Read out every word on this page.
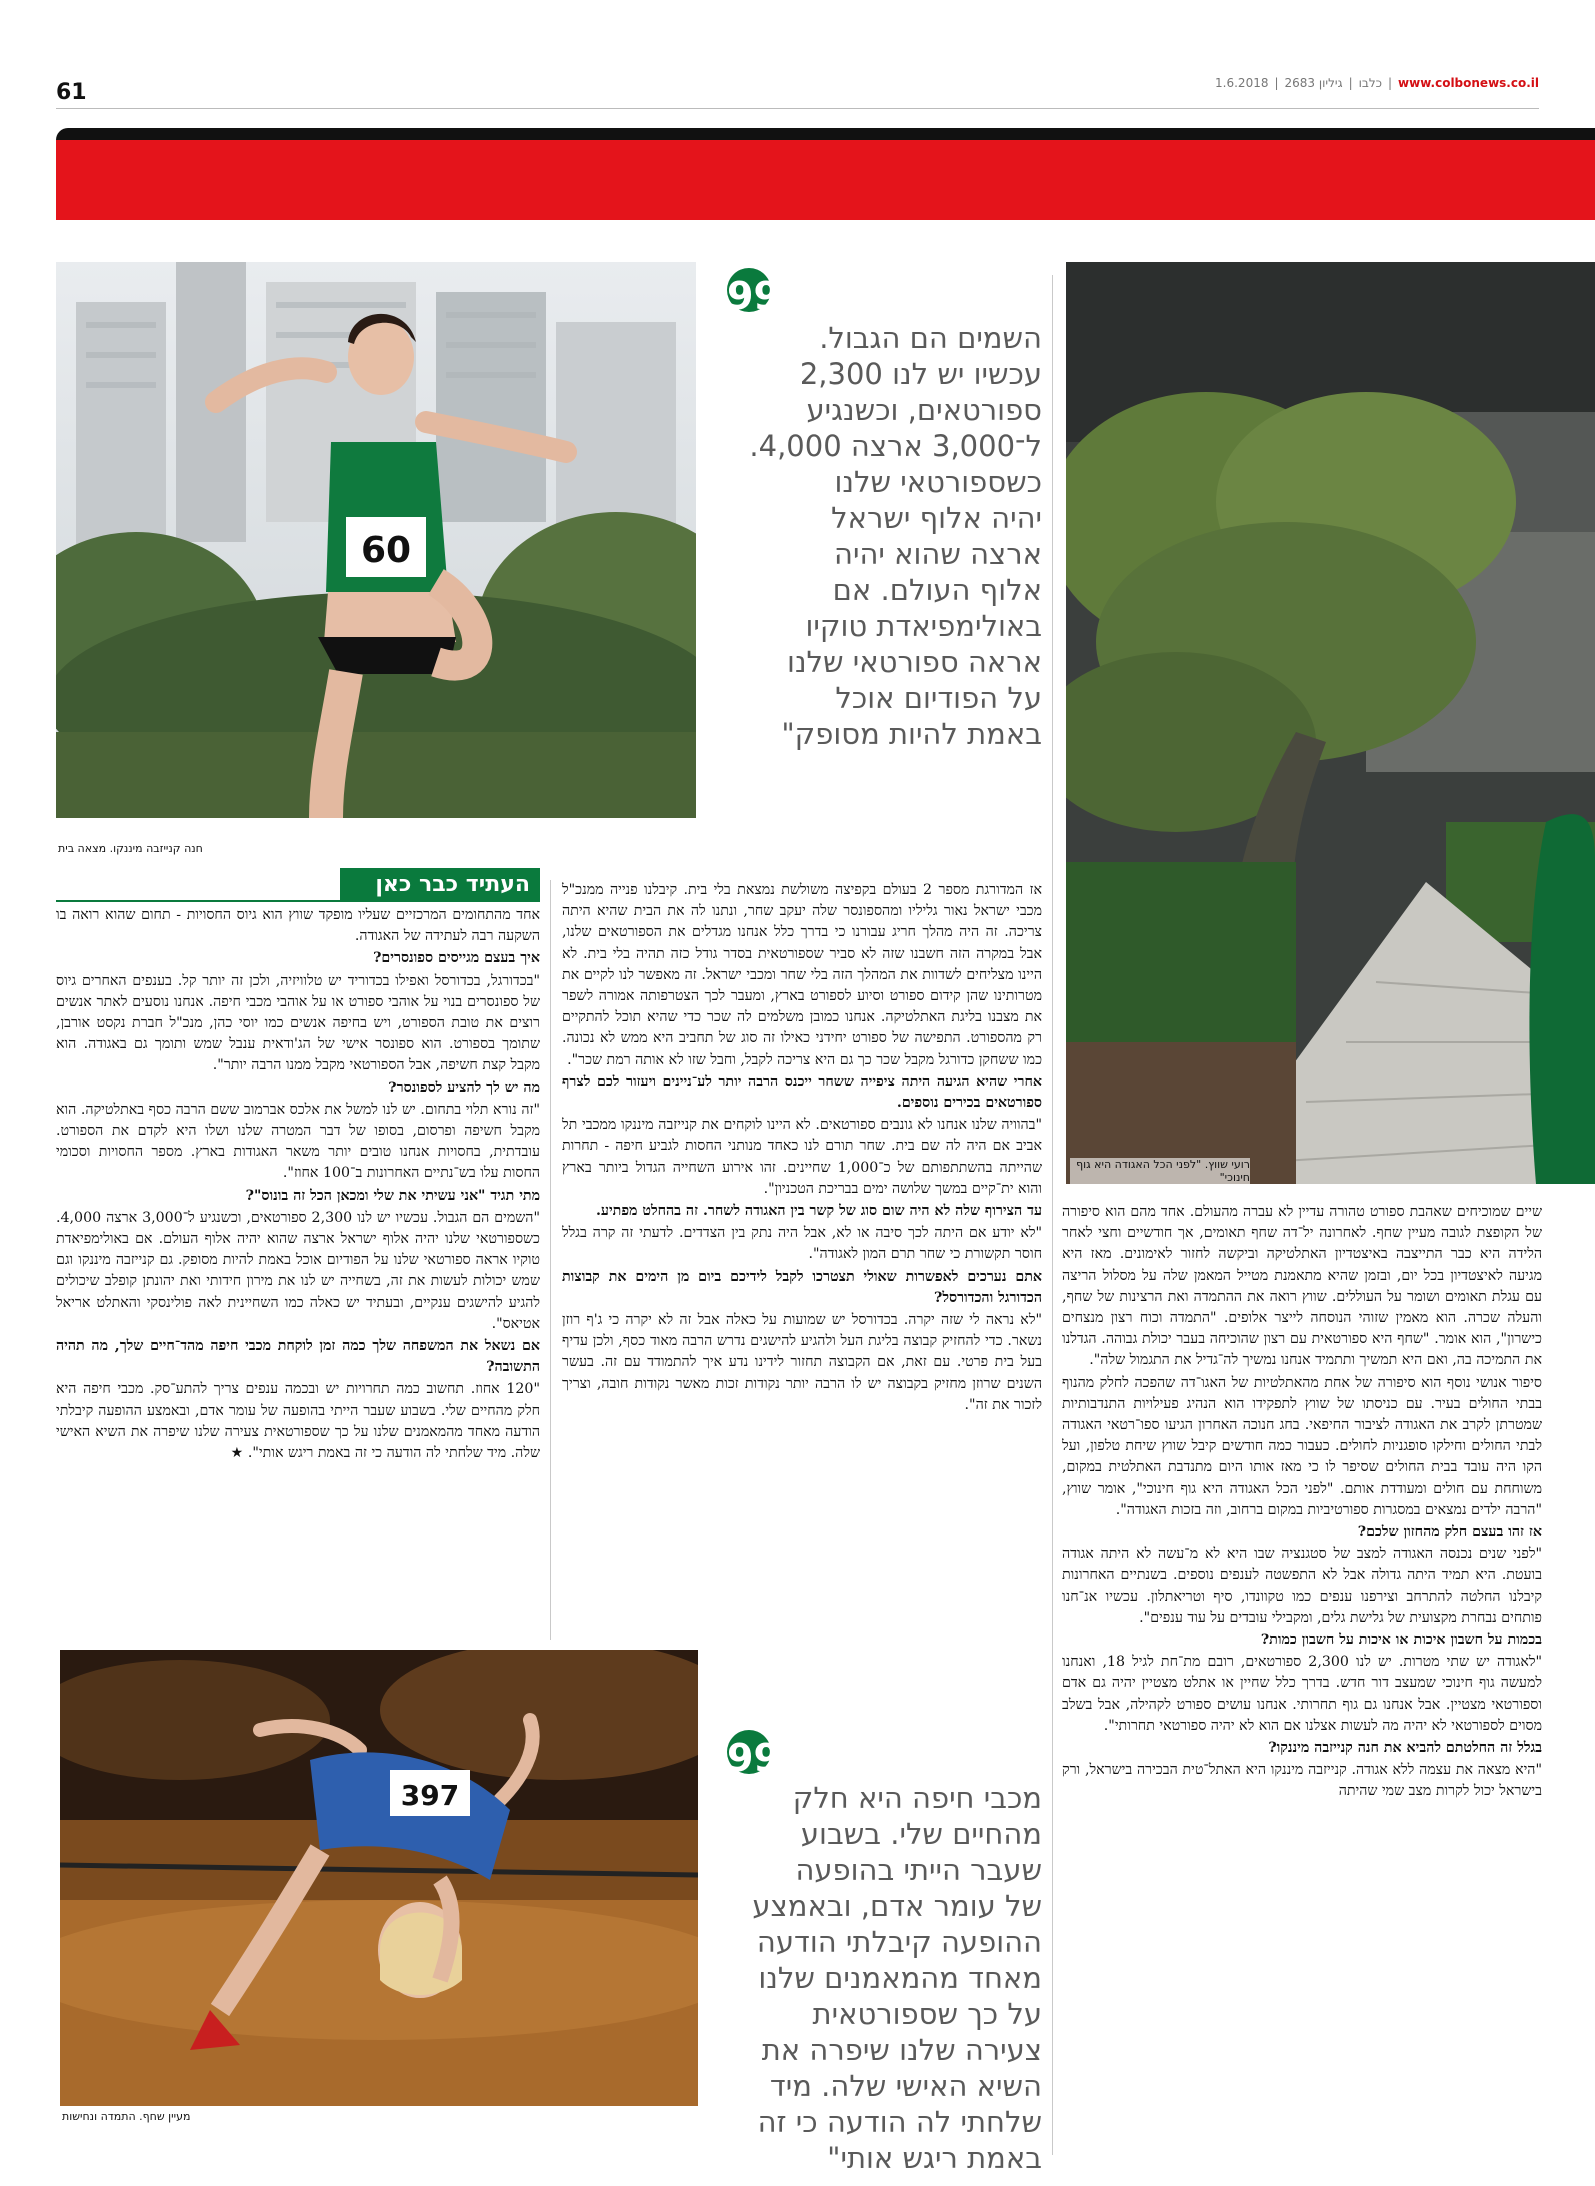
61	1.6.2018 | גיליון 2683 | כלבו | www.colbonews.co.il
60
חנה קנייזבה מיננקו. מצאה בית
99
השמים הם הגבול.
עכשיו יש לנו 2,300
ספורטאים, וכשנגיע
ל־3,000 ארצה 4,000.
כשספורטאי שלנו
יהיה אלוף ישראל
ארצה שהוא יהיה
אלוף העולם. אם
באולימפיאדת טוקיו
אראה ספורטאי שלנו
על הפודיום אוכל
באמת להיות מסופק"
רועי שווץ. "לפני הכל האגודה היא גוף חינוכי"

שיים שמוכיחים שאהבת ספורט טהורה עדיין לא עברה מהעולם. אחד מהם הוא סיפורה של הקופצת לגובה מעיין שחף. לאחרונה יל־דה שחף תאומים, אך חודשיים וחצי לאחר הלידה היא כבר התייצבה באיצטדיון האתלטיקה וביקשה לחזור לאימונים. מאז היא מגיעה לאיצטדיון בכל יום, ובזמן שהיא מתאמנת מטייל המאמן שלה על מסלול הריצה עם עגלת תאומים ושומר על העוללים. שווץ רואה את ההתמדה ואת הרצינות של שחף, והעלה שכרה. הוא מאמין שזוהי הנוסחה לייצר אלופים. "התמדה וכוח רצון מנצחים כישרון", הוא אומר. "שחף היא ספורטאית עם רצון שהוכיחה בעבר יכולת גבוהה. הגדלנו את התמיכה בה, ואם היא תמשיך ותתמיד אנחנו נמשיך לה־גדיל את התגמול שלה".

סיפור אנושי נוסף הוא סיפורה של אחת מהאתלטיות של האגו־דה שהפכה לחלק מהנוף בבתי החולים בעיר. עם כניסתו של שווץ לתפקידו הוא הנהיג פעילויות התנדבותיות שמטרתן לקרב את האגודה לציבור החיפאי. בחג חנוכה האחרון הגיעו ספו־רטאי האגודה לבתי החולים וחילקו סופגניות לחולים. כעבור כמה חודשים קיבל שווץ שיחת טלפון, ועל הקו היה עובד בבית החולים שסיפר לו כי מאז אותו היום מתנדבת האתלטית במקום, משוחחת עם חולים ומעודדת אותם. "לפני הכל האגודה היא גוף חינוכי", אומר שווץ, "הרבה ילדים נמצאים במסגרות ספורטיביות במקום ברחוב, וזה בזכות האגודה".

אז זהו בעצם חלק מהחזון שלכם?

"לפני שנים נכנסה האגודה למצב של סטגנציה שבו היא לא מ־עשה לא היתה אגודה בועטת. היא תמיד היתה גדולה אבל לא התפשטה לענפים נוספים. בשנתיים האחרונות קיבלנו החלטה להתרחב וצירפנו ענפים כמו טקוונדו, סיף וטריאתלון. עכשיו אנ־חנו פותחים נבחרת מקצועית של גלישת גלים, ומקבילי עובדים על עוד ענפים".

בכמות על חשבון איכות או איכות על חשבון כמות?

"לאגודה יש שתי מטרות. יש לנו 2,300 ספורטאים, רובם מת־חת לגיל 18, ואנחנו למעשה גוף חינוכי שמעצב דור חדש. בדרך כלל שחיין או אתלט מצטיין יהיה גם אדם וספורטאי מצטיין. אבל אנחנו גם גוף תחרותי. אנחנו עושים ספורט לקהילה, אבל בשלב מסוים לספורטאי לא יהיה מה לעשות אצלנו אם הוא לא יהיה ספורטאי תחרותי".

בגלל זה החלטתם להביא את חנה קנייזבה מיננקו?

"היא מצאה את עצמה ללא אגודה. קנייזבה מיננקו היא האתל־טית הבכירה בישראל, ורק בישראל יכול לקרות מצב שמי שהיתה

אז המדורגת מספר 2 בעולם בקפיצה משולשת נמצאת בלי בית. קיבלנו פנייה ממנכ"ל מכבי ישראל נאור גליליו ומהספונסר שלה יעקב שחר, ונתנו לה את הבית שהיא היתה צריכה. זה היה מהלך חריג עבורנו כי בדרך כלל אנחנו מגדלים את הספורטאים שלנו, אבל במקרה הזה חשבנו שזה לא סביר שספורטאית בסדר גודל כזה תהיה בלי בית. לא היינו מצליחים לשדוות את המהלך הזה בלי שחר ומכבי ישראל. זה מאפשר לנו לקיים את מטרותינו שהן קידום ספורט וסיוע לספורט בארץ, ומעבר לכך הצטרפותה אמורה לשפר את מצבנו בליגת האתלטיקה. אנחנו כמובן משלמים לה שכר כדי שהיא תוכל להתקיים רק מהספורט. התפישה של ספורט יחידני כאילו זה סוג של תחביב היא ממש לא נכונה. כמו ששחקן כדורגל מקבל שכר כך גם היא צריכה לקבל, וחבל שזו לא אותה רמת שכר".

אחרי שהיא הגיעה היתה ציפייה ששחר ייכנס הרבה יותר לע־ניינים ויעזור לכם לצרף ספורטאים בכירים נוספים.

"בהוויה שלנו אנחנו לא גונבים ספורטאים. לא היינו לוקחים את קנייזבה מיננקו ממכבי תל אביב אם היה לה שם בית. שחר תורם לנו כאחד מנותני החסות לגביע חיפה - תחרות שהייתה בהשתתפותם של כ־1,000 שחיינים. זהו אירוע השחייה הגדול ביותר בארץ והוא ית־קיים במשך שלושה ימים בבריכת הטכניון".

עד הצירוף שלה לא היה שום סוג של קשר בין האגודה לשחר. זה בהחלט מפתיע.

"לא יודע אם היתה לכך סיבה או לא, אבל היה נתק בין הצדדים. לדעתי זה קרה בגלל חוסר תקשורת כי שחר תרם המון לאגודה".

אתם נערכים לאפשרות שאולי תצטרכו לקבל לידיכם ביום מן הימים את קבוצות הכדורגל והכדורסל?

"לא נראה לי שזה יקרה. בכדורסל יש שמועות על כאלה אבל זה לא יקרה כי ג'ף רוזן נשאר. כדי להחזיק קבוצה בליגת העל ולהגיע להישגים נדרש הרבה מאוד כסף, ולכן עדיף בעל בית פרטי. עם זאת, אם הקבוצה תחזור לידינו נדע איך להתמודד עם זה. בעשר השנים שרוזן מחזיק בקבוצה יש לו הרבה יותר נקודות זכות מאשר נקודות חובה, וצריך לזכור את זה".

העתיד כבר כאן

אחד מהתחומים המרכזיים שעליו מופקד שווץ הוא גיוס החסויות - תחום שהוא רואה בו השקעה רבה לעתידה של האגודה.

איך בעצם מגייסים ספונסרים?

"בכדורגל, בכדורסל ואפילו בכדוריד יש טלוויזיה, ולכן זה יותר קל. בענפים האחרים גיוס של ספונסרים בנוי על אוהבי ספורט או על אוהבי מכבי חיפה. אנחנו נוסעים לאתר אנשים רוצים את טובת הספורט, ויש בחיפה אנשים כמו יוסי כהן, מנכ"ל חברת נקסט אורבן, שתומך בספורט. הוא ספונסר אישי של הג'ודאית ענבל שמש ותומך גם באגודה. הוא מקבל קצת חשיפה, אבל הספורטאי מקבל ממנו הרבה יותר".

מה יש לך להציע לספונסר?

"זה נורא תלוי בתחום. יש לנו למשל את אלכס אברמוב ששם הרבה כסף באתלטיקה. הוא מקבל חשיפה ופרסום, בסופו של דבר המטרה שלנו ושלו היא לקדם את הספורט. עובדתית, בחסויות אנחנו טובים יותר משאר האגודות בארץ. מספר החסויות וסכומי החסות עלו בש־נתיים האחרונות ב־100 אחוז".

מתי תגיד "אני עשיתי את שלי ומכאן הכל זה בונוס"?

"השמים הם הגבול. עכשיו יש לנו 2,300 ספורטאים, וכשנגיע ל־3,000 ארצה 4,000. כשספורטאי שלנו יהיה אלוף ישראל ארצה שהוא יהיה אלוף העולם. אם באולימפיאדת טוקיו אראה ספורטאי שלנו על הפודיום אוכל באמת להיות מסופק. גם קנייזבה מיננקו וגם שמש יכולות לעשות את זה, בשחייה יש לנו את מירון חידותי ואת יהונתן קופלב שיכולים להגיע להישגים ענקיים, ובעתיד יש כאלה כמו השחיינית לאה פולינסקי והאתלט אריאל אטיאס".

אם נשאל את המשפחה שלך כמה זמן לוקחת מכבי חיפה מהד־חיים שלך, מה תהיה התשובה?

"120 אחוז. תחשוב כמה תחרויות יש ובכמה ענפים צריך להתע־סק. מכבי חיפה היא חלק מהחיים שלי. בשבוע שעבר הייתי בהופעה של עומר אדם, ובאמצע ההופעה קיבלתי הודעה מאחד מהמאמנים שלנו על כך שספורטאית צעירה שלנו שיפרה את השיא האישי שלה. מיד שלחתי לה הודעה כי זה באמת ריגש אותי". ★

397
מעיין שחף. התמדה ונחישות
99
מכבי חיפה היא חלק
מהחיים שלי. בשבוע
שעבר הייתי בהופעה
של עומר אדם, ובאמצע
ההופעה קיבלתי הודעה
מאחד מהמאמנים שלנו
על כך שספורטאית
צעירה שלנו שיפרה את
השיא האישי שלה. מיד
שלחתי לה הודעה כי זה
באמת ריגש אותי"
